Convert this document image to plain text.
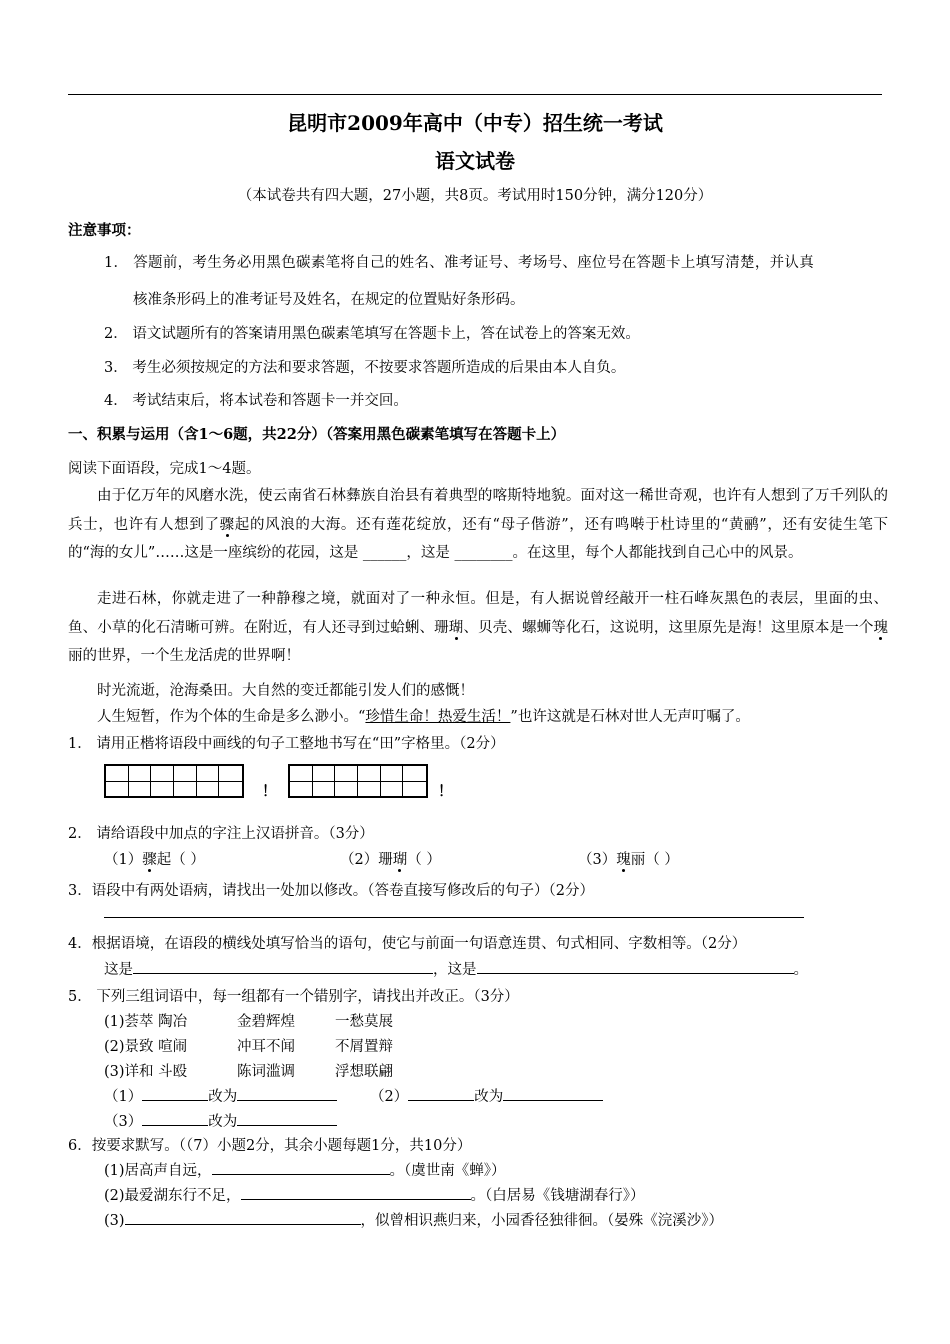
昆明市2009年高中（中专）招生统一考试
语文试卷
（本试卷共有四大题，27小题，共8页。考试用时150分钟，满分120分）
注意事项：
1． 答题前，考生务必用黑色碳素笔将自己的姓名、准考证号、考场号、座位号在答题卡上填写清楚，并认真
核准条形码上的准考证号及姓名，在规定的位置贴好条形码。
2． 语文试题所有的答案请用黑色碳素笔填写在答题卡上，答在试卷上的答案无效。
3． 考生必须按规定的方法和要求答题，不按要求答题所造成的后果由本人自负。
4． 考试结束后，将本试卷和答题卡一并交回。
一、积累与运用（含1～6题，共22分）（答案用黑色碳素笔填写在答题卡上）
阅读下面语段，完成1～4题。
由于亿万年的风磨水洗，使云南省石林彝族自治县有着典型的喀斯特地貌。面对这一稀世奇观，也许有人想到了万千列队的兵士，也许有人想到了骤起的风浪的大海。还有莲花绽放，还有“母子偕游”，还有鸣啭于杜诗里的“黄鹂”，还有安徒生笔下的“海的女儿”……这是一座缤纷的花园，这是 ______，这是 ________。在这里，每个人都能找到自己心中的风景。
走进石林，你就走进了一种静穆之境，就面对了一种永恒。但是，有人据说曾经敲开一柱石峰灰黑色的表层，里面的虫、鱼、小草的化石清晰可辨。在附近，有人还寻到过蛤蜊、珊瑚、贝壳、螺蛳等化石，这说明，这里原先是海！这里原本是一个瑰丽的世界，一个生龙活虎的世界啊！
时光流逝，沧海桑田。大自然的变迁都能引发人们的感慨！
人生短暂，作为个体的生命是多么渺小。“珍惜生命！热爱生活！”也许这就是石林对世人无声叮嘱了。
1． 请用正楷将语段中画线的句子工整地书写在“田”字格里。（2分）
！	！
2． 请给语段中加点的字注上汉语拼音。（3分）
（1）骤起（ ）	（2）珊瑚（ ）	（3）瑰丽（ ）
3．语段中有两处语病，请找出一处加以修改。（答卷直接写修改后的句子）（2分）
4．根据语境，在语段的横线处填写恰当的语句，使它与前面一句语意连贯、句式相同、字数相等。（2分）
这是	，这是	。
5． 下列三组词语中，每一组都有一个错别字，请找出并改正。（3分）
(1)荟萃 陶冶	金碧辉煌	一愁莫展
(2)景致 喧闹	冲耳不闻	不屑置辩
(3)详和 斗殴	陈词滥调	浮想联翩
（1）	改为	（2）	改为
（3）	改为
6．按要求默写。（（7）小题2分，其余小题每题1分，共10分）
(1)居高声自远，	。（虞世南《蝉》）
(2)最爱湖东行不足，	。（白居易《钱塘湖春行》）
(3)	，似曾相识燕归来，小园香径独徘徊。（晏殊《浣溪沙》）
